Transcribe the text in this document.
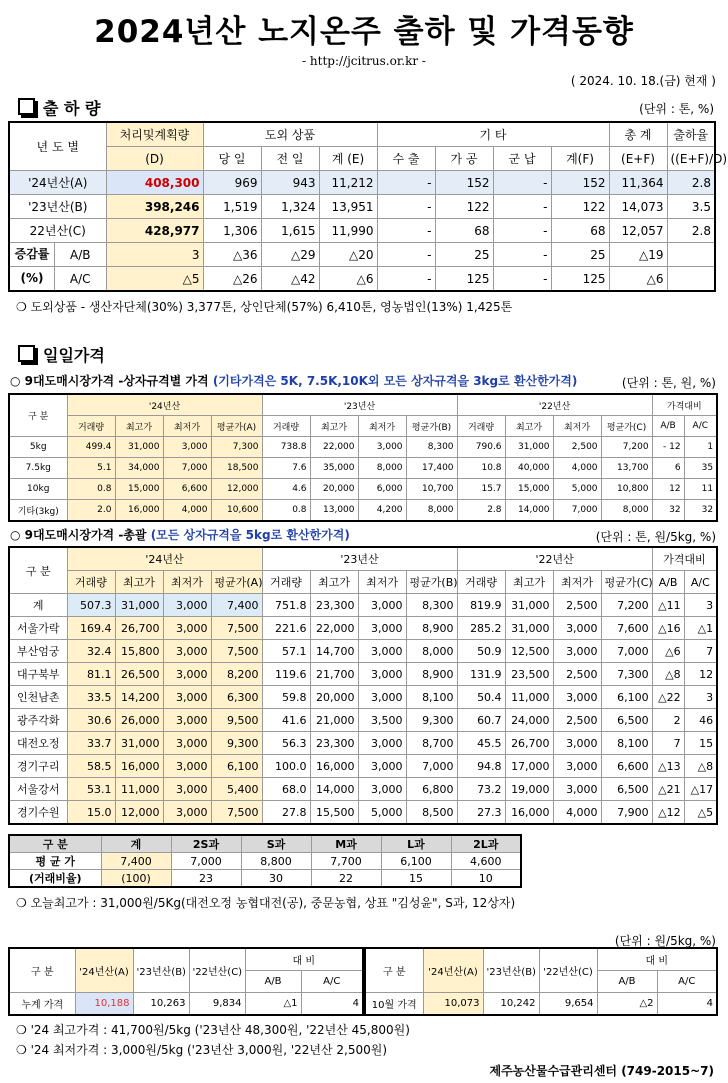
2024년산 노지온주 출하 및 가격동향
- http://jcitrus.or.kr -
( 2024. 10. 18.(금) 현재 )
출 하 량	(단위 : 톤, %)
년 도 별	처리및계획량	도외 상품			기 타				총 계	출하율
	(D)	당 일	전 일	계 (E)	수 출	가 공	군 납	계(F)	(E+F)	((E+F)/D)
'24년산(A)	408,300	969	943	11,212	-	152	-	152	11,364	2.8
'23년산(B)	398,246	1,519	1,324	13,951	-	122	-	122	14,073	3.5
22년산(C)	428,977	1,306	1,615	11,990	-	68	-	68	12,057	2.8

증감률 A/B	3	△36	△29	△20	-	25	-	25	△19	

(%) A/C	△5	△26	△42	△6	-	125	-	125	△6	
❍ 도외상품 - 생산자단체(30%) 3,377톤, 상인단체(57%) 6,410톤, 영농법인(13%) 1,425톤
일일가격
○ 9대도매시장가격 -상자규격별 가격 (기타가격은 5K, 7.5K,10K외 모든 상자규격을 3kg로 환산한가격)	(단위 : 톤, 원, %)
구 분	'24년산				'23년산				'22년산				가격대비	
	거래량	최고가	최저가	평균가(A)	거래량	최고가	최저가	평균가(B)	거래량	최고가	최저가	평균가(C)	A/B	A/C
5kg	499.4	31,000	3,000	7,300	738.8	22,000	3,000	8,300	790.6	31,000	2,500	7,200	- 12	1
7.5kg	5.1	34,000	7,000	18,500	7.6	35,000	8,000	17,400	10.8	40,000	4,000	13,700	6	35
10kg	0.8	15,000	6,600	12,000	4.6	20,000	6,000	10,700	15.7	15,000	5,000	10,800	12	11
기타(3kg)	2.0	16,000	4,000	10,600	0.8	13,000	4,200	8,000	2.8	14,000	7,000	8,000	32	32
○ 9대도매시장가격 -총괄 (모든 상자규격을 5kg로 환산한가격)	(단위 : 톤, 원/5kg, %)
구 분	'24년산				'23년산				'22년산				가격대비	
	거래량	최고가	최저가	평균가(A)	거래량	최고가	최저가	평균가(B)	거래량	최고가	최저가	평균가(C)	A/B	A/C
계	507.3	31,000	3,000	7,400	751.8	23,300	3,000	8,300	819.9	31,000	2,500	7,200	△11	3
서울가락	169.4	26,700	3,000	7,500	221.6	22,000	3,000	8,900	285.2	31,000	3,000	7,600	△16	△1
부산엄궁	32.4	15,800	3,000	7,500	57.1	14,700	3,000	8,000	50.9	12,500	3,000	7,000	△6	7
대구북부	81.1	26,500	3,000	8,200	119.6	21,700	3,000	8,900	131.9	23,500	2,500	7,300	△8	12
인천남촌	33.5	14,200	3,000	6,300	59.8	20,000	3,000	8,100	50.4	11,000	3,000	6,100	△22	3
광주각화	30.6	26,000	3,000	9,500	41.6	21,000	3,500	9,300	60.7	24,000	2,500	6,500	2	46
대전오정	33.7	31,000	3,000	9,300	56.3	23,300	3,000	8,700	45.5	26,700	3,000	8,100	7	15
경기구리	58.5	16,000	3,000	6,100	100.0	16,000	3,000	7,000	94.8	17,000	3,000	6,600	△13	△8
서울강서	53.1	11,000	3,000	5,400	68.0	14,000	3,000	6,800	73.2	19,000	3,000	6,500	△21	△17
경기수원	15.0	12,000	3,000	7,500	27.8	15,500	5,000	8,500	27.3	16,000	4,000	7,900	△12	△5
구 분	계	2S과	S과	M과	L과	2L과
평 균 가	7,400	7,000	8,800	7,700	6,100	4,600
(거래비율)	(100)	23	30	22	15	10
❍ 오늘최고가 : 31,000원/5Kg(대전오정 농협대전(공), 중문농협, 상표 "김성윤", S과, 12상자)
(단위 : 원/5kg, %)
구 분	'24년산(A)	'23년산(B)	'22년산(C)	대 비	
				A/B	A/C
누계 가격	10,188	10,263	9,834	△1	4
구 분	'24년산(A)	'23년산(B)	'22년산(C)	대 비	
				A/B	A/C
10월 가격	10,073	10,242	9,654	△2	4
❍ '24 최고가격 : 41,700원/5kg ('23년산 48,300원, '22년산 45,800원)
❍ '24 최저가격 : 3,000원/5kg ('23년산 3,000원, '22년산 2,500원)
제주농산물수급관리센터 (749-2015~7)
